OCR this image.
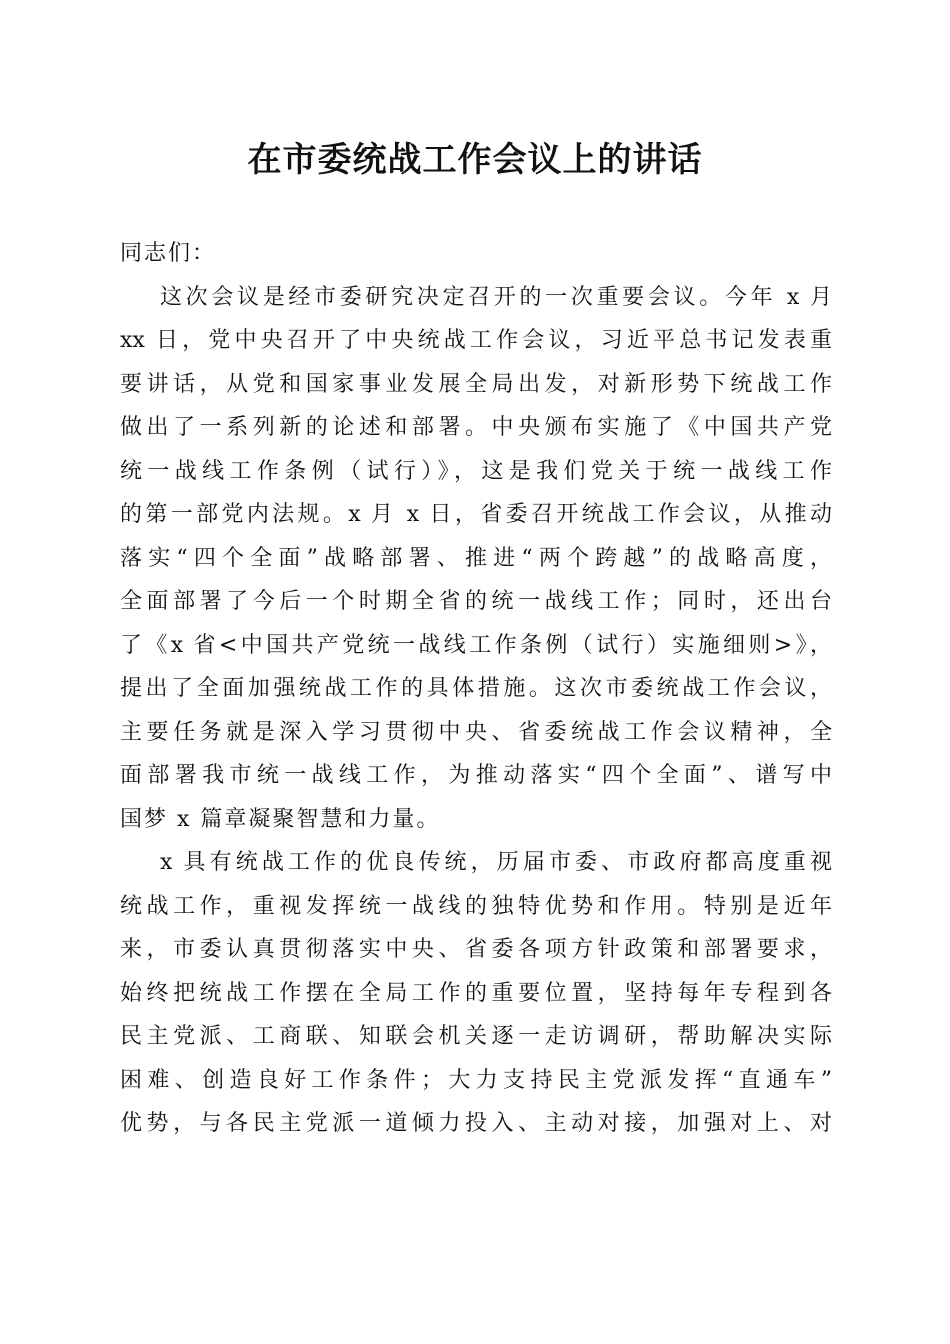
在市委统战工作会议上的讲话

同志们：

这次会议是经市委研究决定召开的一次重要会议。今年 x 月
xx 日，党中央召开了中央统战工作会议，习近平总书记发表重
要讲话，从党和国家事业发展全局出发，对新形势下统战工作
做出了一系列新的论述和部署。中央颁布实施了《中国共产党
统一战线工作条例（试行）》，这是我们党关于统一战线工作
的第一部党内法规。x 月 x 日，省委召开统战工作会议，从推动
落实“四个全面”战略部署、推进“两个跨越”的战略高度，
全面部署了今后一个时期全省的统一战线工作；同时，还出台
了《x 省<中国共产党统一战线工作条例（试行）实施细则>》，
提出了全面加强统战工作的具体措施。这次市委统战工作会议，
主要任务就是深入学习贯彻中央、省委统战工作会议精神，全
面部署我市统一战线工作，为推动落实“四个全面”、谱写中
国梦 x 篇章凝聚智慧和力量。

x 具有统战工作的优良传统，历届市委、市政府都高度重视
统战工作，重视发挥统一战线的独特优势和作用。特别是近年
来，市委认真贯彻落实中央、省委各项方针政策和部署要求，
始终把统战工作摆在全局工作的重要位置，坚持每年专程到各
民主党派、工商联、知联会机关逐一走访调研，帮助解决实际
困难、创造良好工作条件；大力支持民主党派发挥“直通车”
优势，与各民主党派一道倾力投入、主动对接，加强对上、对
